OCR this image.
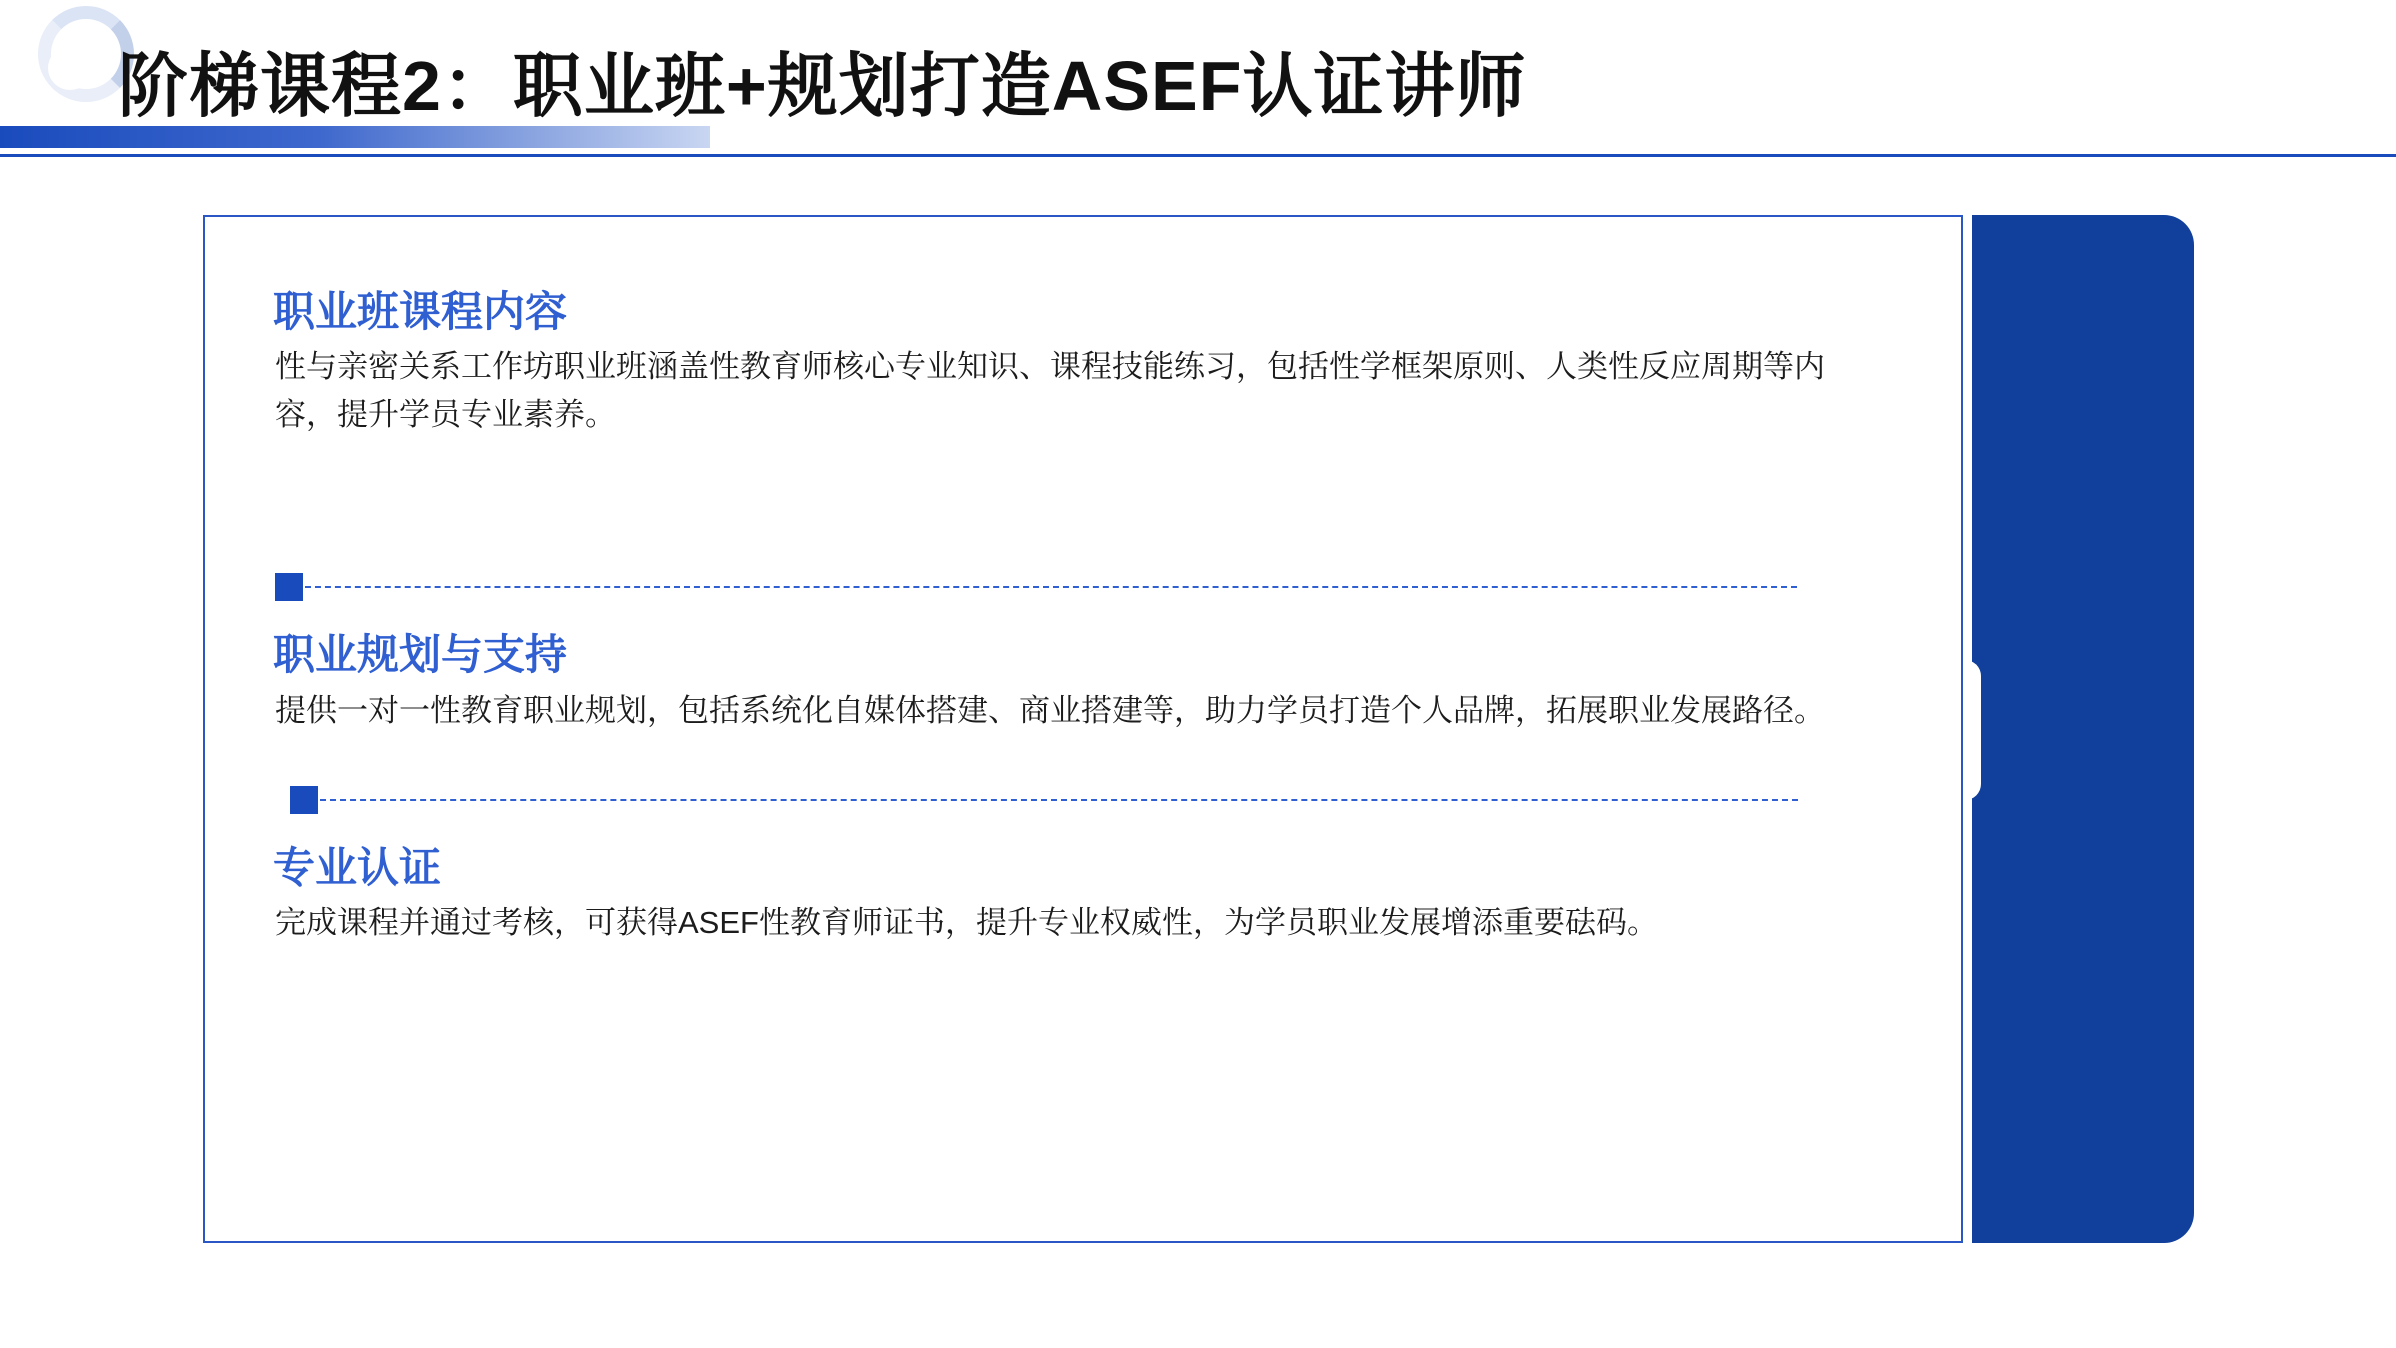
阶梯课程2：职业班+规划打造ASEF认证讲师
职业班课程内容
性与亲密关系工作坊职业班涵盖性教育师核心专业知识、课程技能练习，包括性学框架原则、人类性反应周期等内容，提升学员专业素养。
职业规划与支持
提供一对一性教育职业规划，包括系统化自媒体搭建、商业搭建等，助力学员打造个人品牌，拓展职业发展路径。
专业认证
完成课程并通过考核，可获得ASEF性教育师证书，提升专业权威性，为学员职业发展增添重要砝码。
